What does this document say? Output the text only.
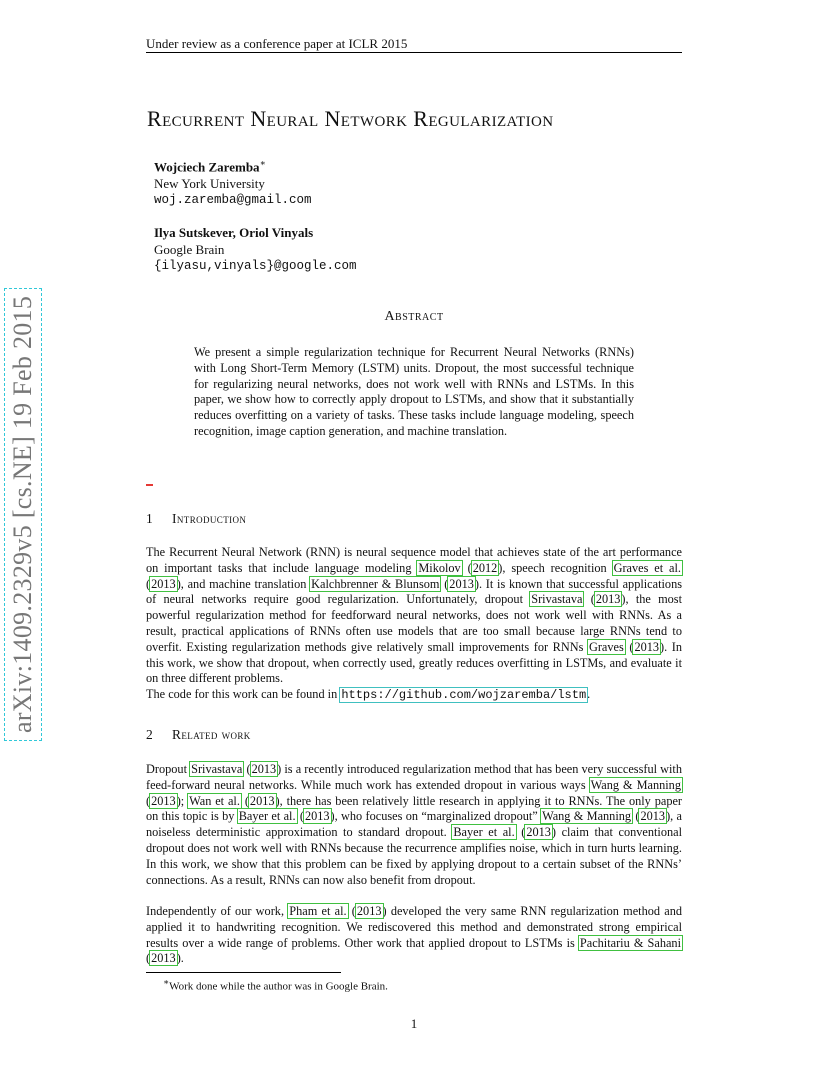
Under review as a conference paper at ICLR 2015
Recurrent Neural Network Regularization
Wojciech Zaremba∗
New York University
woj.zaremba@gmail.com
Ilya Sutskever, Oriol Vinyals
Google Brain
{ilyasu,vinyals}@google.com
Abstract
We present a simple regularization technique for Recurrent Neural Networks (RNNs) with Long Short-Term Memory (LSTM) units. Dropout, the most successful technique for regularizing neural networks, does not work well with RNNs and LSTMs. In this paper, we show how to correctly apply dropout to LSTMs, and show that it substantially reduces overfitting on a variety of tasks. These tasks include language modeling, speech recognition, image caption generation, and machine translation.
1 Introduction

The Recurrent Neural Network (RNN) is neural sequence model that achieves state of the art performance on important tasks that include language modeling Mikolov (2012), speech recognition Graves et al. (2013), and machine translation Kalchbrenner & Blunsom (2013). It is known that successful applications of neural networks require good regularization. Unfortunately, dropout Srivastava (2013), the most powerful regularization method for feedforward neural networks, does not work well with RNNs. As a result, practical applications of RNNs often use models that are too small because large RNNs tend to overfit. Existing regularization methods give relatively small improvements for RNNs Graves (2013). In this work, we show that dropout, when correctly used, greatly reduces overfitting in LSTMs, and evaluate it on three different problems.

The code for this work can be found in https://github.com/wojzaremba/lstm.

2 Related work

Dropout Srivastava (2013) is a recently introduced regularization method that has been very successful with feed-forward neural networks. While much work has extended dropout in various ways Wang & Manning (2013); Wan et al. (2013), there has been relatively little research in applying it to RNNs. The only paper on this topic is by Bayer et al. (2013), who focuses on “marginalized dropout” Wang & Manning (2013), a noiseless deterministic approximation to standard dropout. Bayer et al. (2013) claim that conventional dropout does not work well with RNNs because the recurrence amplifies noise, which in turn hurts learning. In this work, we show that this problem can be fixed by applying dropout to a certain subset of the RNNs’ connections. As a result, RNNs can now also benefit from dropout.

Independently of our work, Pham et al. (2013) developed the very same RNN regularization method and applied it to handwriting recognition. We rediscovered this method and demonstrated strong empirical results over a wide range of problems. Other work that applied dropout to LSTMs is Pachitariu & Sahani (2013).

∗Work done while the author was in Google Brain.
1
arXiv:1409.2329v5 [cs.NE] 19 Feb 2015
